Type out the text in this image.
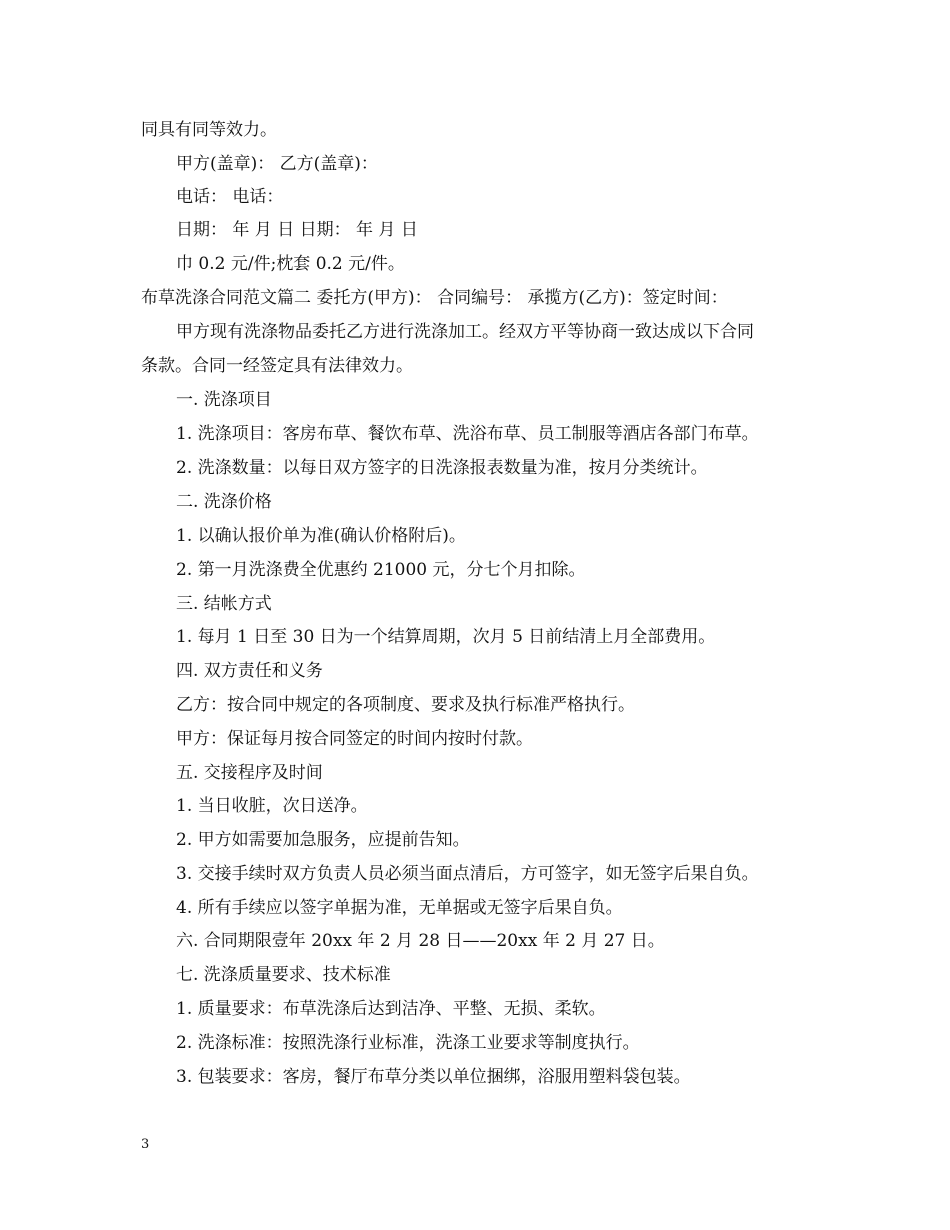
同具有同等效力。
甲方(盖章)： 乙方(盖章)：
电话： 电话：
日期： 年 月 日 日期： 年 月 日
巾 0.2 元/件;枕套 0.2 元/件。
布草洗涤合同范文篇二 委托方(甲方)： 合同编号： 承揽方(乙方)：签定时间：
甲方现有洗涤物品委托乙方进行洗涤加工。经双方平等协商一致达成以下合同
条款。合同一经签定具有法律效力。
一. 洗涤项目
1. 洗涤项目：客房布草、餐饮布草、洗浴布草、员工制服等酒店各部门布草。
2. 洗涤数量：以每日双方签字的日洗涤报表数量为准，按月分类统计。
二. 洗涤价格
1. 以确认报价单为准(确认价格附后)。
2. 第一月洗涤费全优惠约 21000 元，分七个月扣除。
三. 结帐方式
1. 每月 1 日至 30 日为一个结算周期，次月 5 日前结清上月全部费用。
四. 双方责任和义务
乙方：按合同中规定的各项制度、要求及执行标准严格执行。
甲方：保证每月按合同签定的时间内按时付款。
五. 交接程序及时间
1. 当日收脏，次日送净。
2. 甲方如需要加急服务，应提前告知。
3. 交接手续时双方负责人员必须当面点清后，方可签字，如无签字后果自负。
4. 所有手续应以签字单据为准，无单据或无签字后果自负。
六. 合同期限壹年 20xx 年 2 月 28 日——20xx 年 2 月 27 日。
七. 洗涤质量要求、技术标准
1. 质量要求：布草洗涤后达到洁净、平整、无损、柔软。
2. 洗涤标准：按照洗涤行业标准，洗涤工业要求等制度执行。
3. 包装要求：客房，餐厅布草分类以单位捆绑，浴服用塑料袋包装。
3
